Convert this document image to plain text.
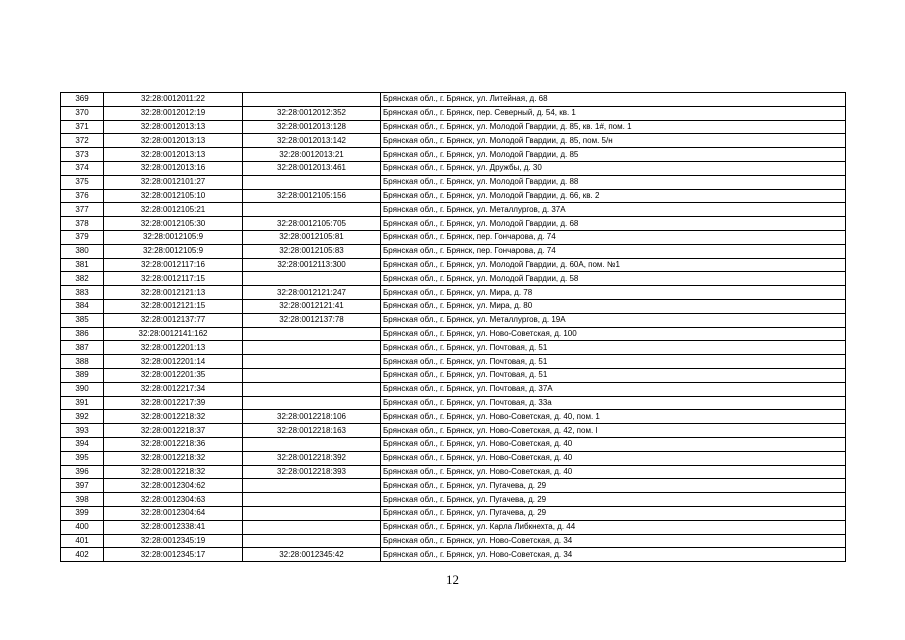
369	32:28:0012011:22		Брянская обл., г. Брянск, ул. Литейная, д. 68
370	32:28:0012012:19	32:28:0012012:352	Брянская обл., г. Брянск, пер. Северный, д. 54, кв. 1
371	32:28:0012013:13	32:28:0012013:128	Брянская обл., г. Брянск, ул. Молодой Гвардии, д. 85, кв. 1#, пом. 1
372	32:28:0012013:13	32:28:0012013:142	Брянская обл., г. Брянск, ул. Молодой Гвардии, д. 85, пом. 5/н
373	32:28:0012013:13	32:28:0012013:21	Брянская обл., г. Брянск, ул. Молодой Гвардии, д. 85
374	32:28:0012013:16	32:28:0012013:461	Брянская обл., г. Брянск, ул. Дружбы, д. 30
375	32:28:0012101:27		Брянская обл., г. Брянск, ул. Молодой Гвардии, д. 88
376	32:28:0012105:10	32:28:0012105:156	Брянская обл., г. Брянск, ул. Молодой Гвардии, д. 66, кв. 2
377	32:28:0012105:21		Брянская обл., г. Брянск, ул. Металлургов, д. 37А
378	32:28:0012105:30	32:28:0012105:705	Брянская обл., г. Брянск, ул. Молодой Гвардии, д. 68
379	32:28:0012105:9	32:28:0012105:81	Брянская обл., г. Брянск, пер. Гончарова, д. 74
380	32:28:0012105:9	32:28:0012105:83	Брянская обл., г. Брянск, пер. Гончарова, д. 74
381	32:28:0012117:16	32:28:0012113:300	Брянская обл., г. Брянск, ул. Молодой Гвардии, д. 60А, пом. №1
382	32:28:0012117:15		Брянская обл., г. Брянск, ул. Молодой Гвардии, д. 58
383	32:28:0012121:13	32:28:0012121:247	Брянская обл., г. Брянск, ул. Мира, д. 78
384	32:28:0012121:15	32:28:0012121:41	Брянская обл., г. Брянск, ул. Мира, д. 80
385	32:28:0012137:77	32:28:0012137:78	Брянская обл., г. Брянск, ул. Металлургов, д. 19А
386	32:28:0012141:162		Брянская обл., г. Брянск, ул. Ново-Советская, д. 100
387	32:28:0012201:13		Брянская обл., г. Брянск, ул. Почтовая, д. 51
388	32:28:0012201:14		Брянская обл., г. Брянск, ул. Почтовая, д. 51
389	32:28:0012201:35		Брянская обл., г. Брянск, ул. Почтовая, д. 51
390	32:28:0012217:34		Брянская обл., г. Брянск, ул. Почтовая, д. 37А
391	32:28:0012217:39		Брянская обл., г. Брянск, ул. Почтовая, д. 33а
392	32:28:0012218:32	32:28:0012218:106	Брянская обл., г. Брянск, ул. Ново-Советская, д. 40, пом. 1
393	32:28:0012218:37	32:28:0012218:163	Брянская обл., г. Брянск, ул. Ново-Советская, д. 42, пом. I
394	32:28:0012218:36		Брянская обл., г. Брянск, ул. Ново-Советская, д. 40
395	32:28:0012218:32	32:28:0012218:392	Брянская обл., г. Брянск, ул. Ново-Советская, д. 40
396	32:28:0012218:32	32:28:0012218:393	Брянская обл., г. Брянск, ул. Ново-Советская, д. 40
397	32:28:0012304:62		Брянская обл., г. Брянск, ул. Пугачева, д. 29
398	32:28:0012304:63		Брянская обл., г. Брянск, ул. Пугачева, д. 29
399	32:28:0012304:64		Брянская обл., г. Брянск, ул. Пугачева, д. 29
400	32:28:0012338:41		Брянская обл., г. Брянск, ул. Карла Либкнехта, д. 44
401	32:28:0012345:19		Брянская обл., г. Брянск, ул. Ново-Советская, д. 34
402	32:28:0012345:17	32:28:0012345:42	Брянская обл., г. Брянск, ул. Ново-Советская, д. 34
12
